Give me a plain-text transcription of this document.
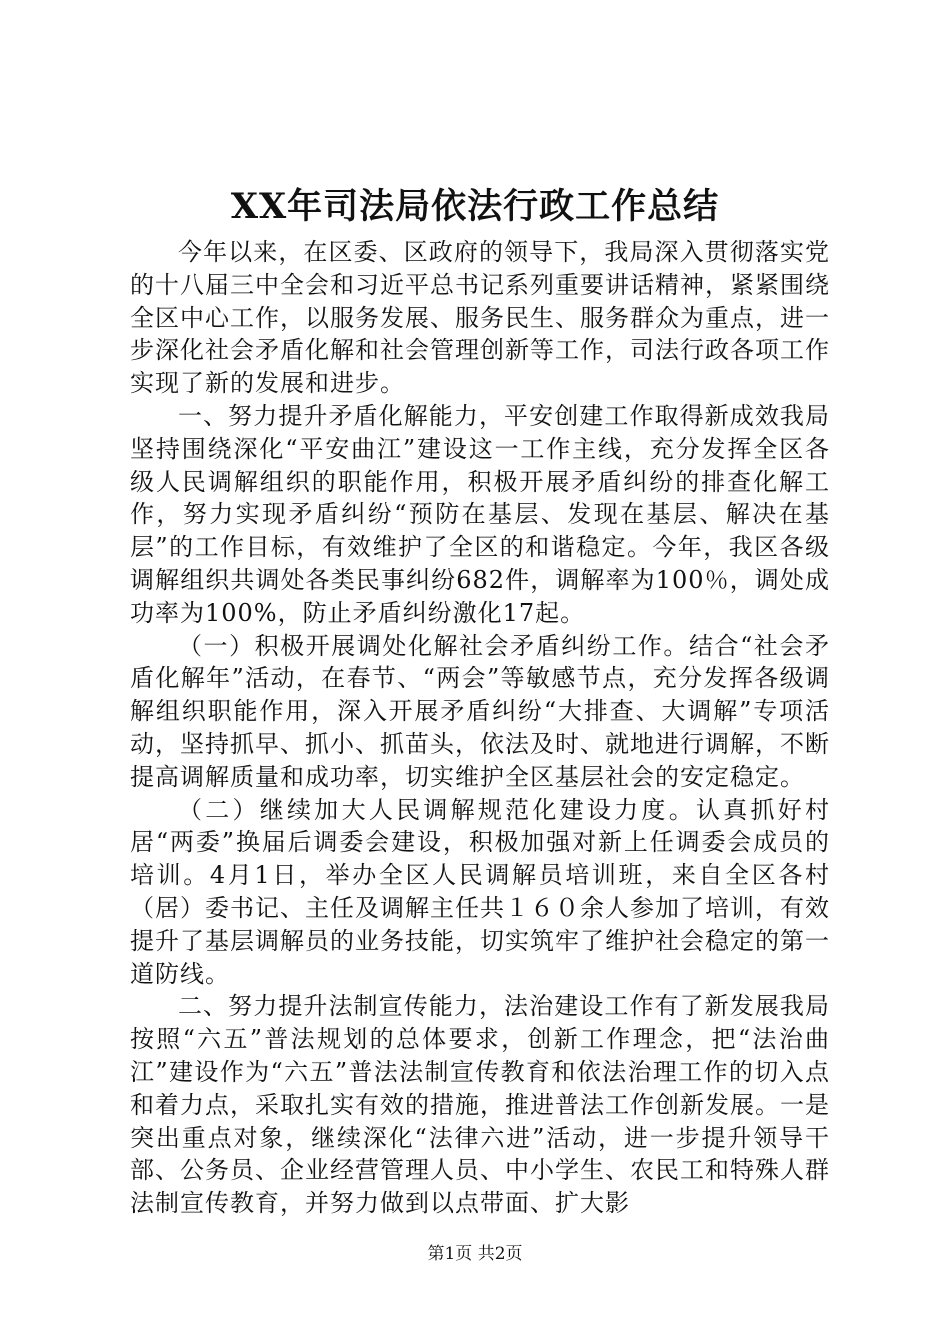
XX年司法局依法行政工作总结

今年以来，在区委、区政府的领导下，我局深入贯彻落实党的十八届三中全会和习近平总书记系列重要讲话精神，紧紧围绕全区中心工作，以服务发展、服务民生、服务群众为重点，进一步深化社会矛盾化解和社会管理创新等工作，司法行政各项工作实现了新的发展和进步。

一、努力提升矛盾化解能力，平安创建工作取得新成效我局坚持围绕深化“平安曲江”建设这一工作主线，充分发挥全区各级人民调解组织的职能作用，积极开展矛盾纠纷的排查化解工作，努力实现矛盾纠纷“预防在基层、发现在基层、解决在基层”的工作目标，有效维护了全区的和谐稳定。今年，我区各级调解组织共调处各类民事纠纷682件，调解率为100％，调处成功率为100%，防止矛盾纠纷激化17起。

（一）积极开展调处化解社会矛盾纠纷工作。结合“社会矛盾化解年”活动，在春节、“两会”等敏感节点，充分发挥各级调解组织职能作用，深入开展矛盾纠纷“大排查、大调解”专项活动，坚持抓早、抓小、抓苗头，依法及时、就地进行调解，不断提高调解质量和成功率，切实维护全区基层社会的安定稳定。

（二）继续加大人民调解规范化建设力度。认真抓好村居“两委”换届后调委会建设，积极加强对新上任调委会成员的培训。4月1日，举办全区人民调解员培训班，来自全区各村（居）委书记、主任及调解主任共１６０余人参加了培训，有效提升了基层调解员的业务技能，切实筑牢了维护社会稳定的第一道防线。

二、努力提升法制宣传能力，法治建设工作有了新发展我局按照“六五”普法规划的总体要求，创新工作理念，把“法治曲江”建设作为“六五”普法法制宣传教育和依法治理工作的切入点和着力点，采取扎实有效的措施，推进普法工作创新发展。一是突出重点对象，继续深化“法律六进”活动，进一步提升领导干部、公务员、企业经营管理人员、中小学生、农民工和特殊人群法制宣传教育，并努力做到以点带面、扩大影

第1页 共2页
